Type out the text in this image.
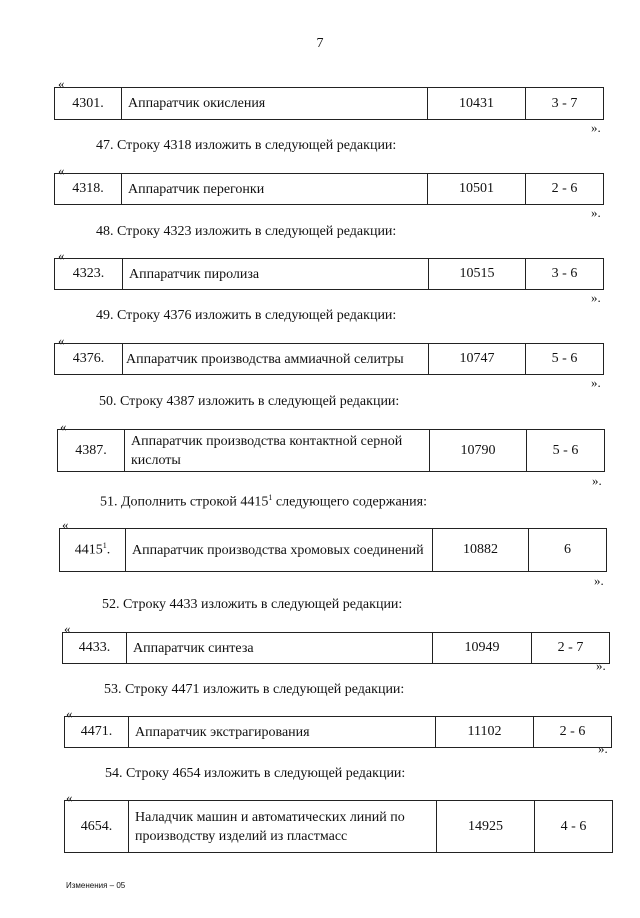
7
«
4301.	Аппаратчик окисления	10431	3 - 7
».
47. Строку 4318 изложить в следующей редакции:
«
4318.	Аппаратчик перегонки	10501	2 - 6
».
48. Строку 4323 изложить в следующей редакции:
«
4323.	Аппаратчик пиролиза	10515	3 - 6
».
49. Строку 4376 изложить в следующей редакции:
«
4376.	Аппаратчик производства аммиачной селитры	10747	5 - 6
».
50. Строку 4387 изложить в следующей редакции:
«
4387.	Аппаратчик производства контактной серной кислоты	10790	5 - 6
».
51. Дополнить строкой 4415$^1$ следующего содержания:
«
4415$^1$.	Аппаратчик производства хромовых соединений	10882	6
».
52. Строку 4433 изложить в следующей редакции:
«
4433.	Аппаратчик синтеза	10949	2 - 7
».
53. Строку 4471 изложить в следующей редакции:
«
4471.	Аппаратчик экстрагирования	11102	2 - 6
».
54. Строку 4654 изложить в следующей редакции:
«
4654.	Наладчик машин и автоматических линий по производству изделий из пластмасс	14925	4 - 6
Изменения – 05
